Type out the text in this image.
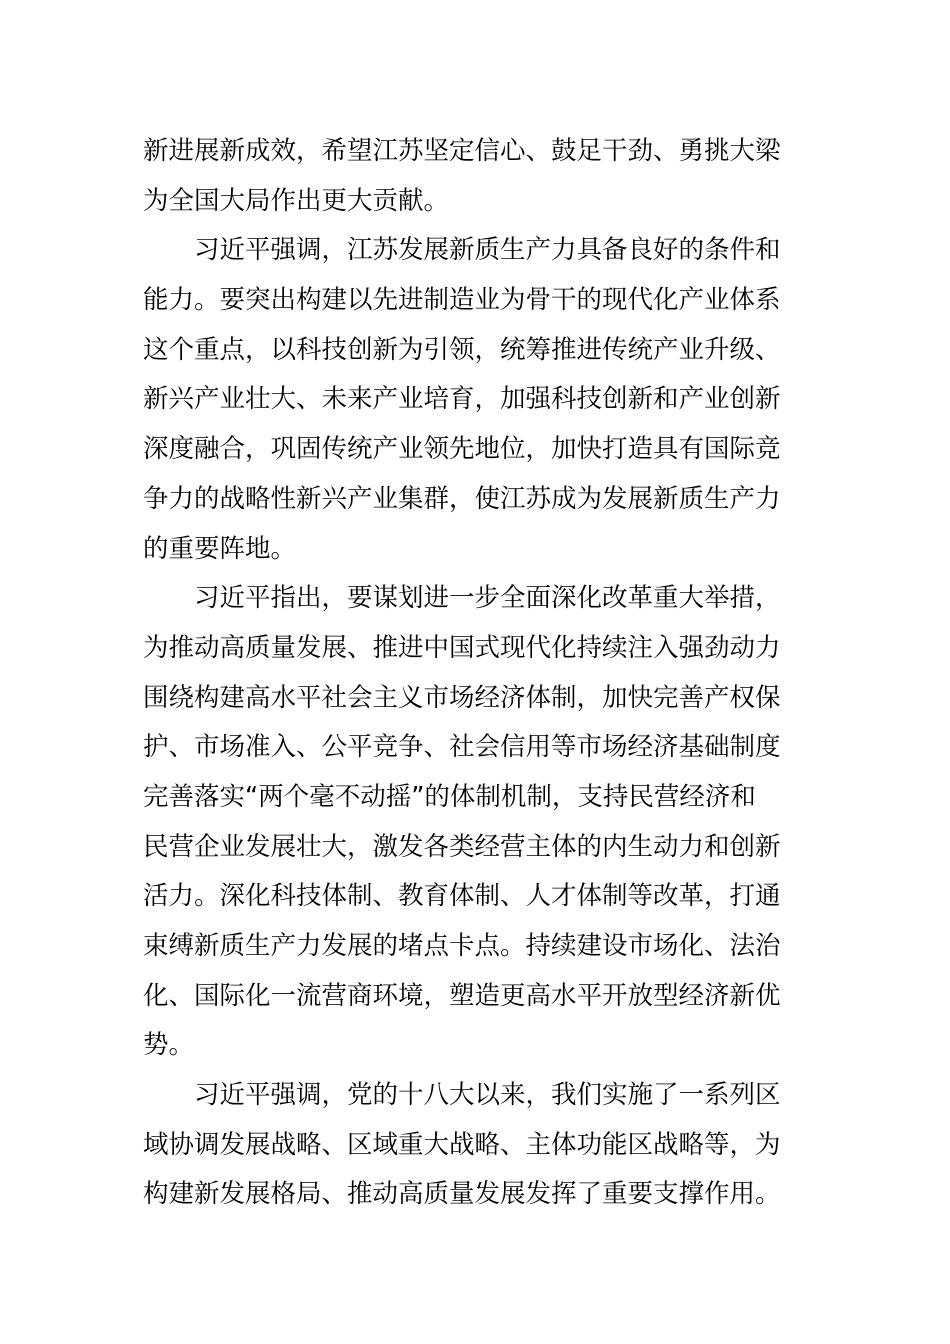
新进展新成效，希望江苏坚定信心、鼓足干劲、勇挑大梁
为全国大局作出更大贡献。
习近平强调，江苏发展新质生产力具备良好的条件和
能力。要突出构建以先进制造业为骨干的现代化产业体系
这个重点，以科技创新为引领，统筹推进传统产业升级、
新兴产业壮大、未来产业培育，加强科技创新和产业创新
深度融合，巩固传统产业领先地位，加快打造具有国际竞
争力的战略性新兴产业集群，使江苏成为发展新质生产力
的重要阵地。
习近平指出，要谋划进一步全面深化改革重大举措，
为推动高质量发展、推进中国式现代化持续注入强劲动力
围绕构建高水平社会主义市场经济体制，加快完善产权保
护、市场准入、公平竞争、社会信用等市场经济基础制度
完善落实“两个毫不动摇”的体制机制，支持民营经济和
民营企业发展壮大，激发各类经营主体的内生动力和创新
活力。深化科技体制、教育体制、人才体制等改革，打通
束缚新质生产力发展的堵点卡点。持续建设市场化、法治
化、国际化一流营商环境，塑造更高水平开放型经济新优
势。
习近平强调，党的十八大以来，我们实施了一系列区
域协调发展战略、区域重大战略、主体功能区战略等，为
构建新发展格局、推动高质量发展发挥了重要支撑作用。
